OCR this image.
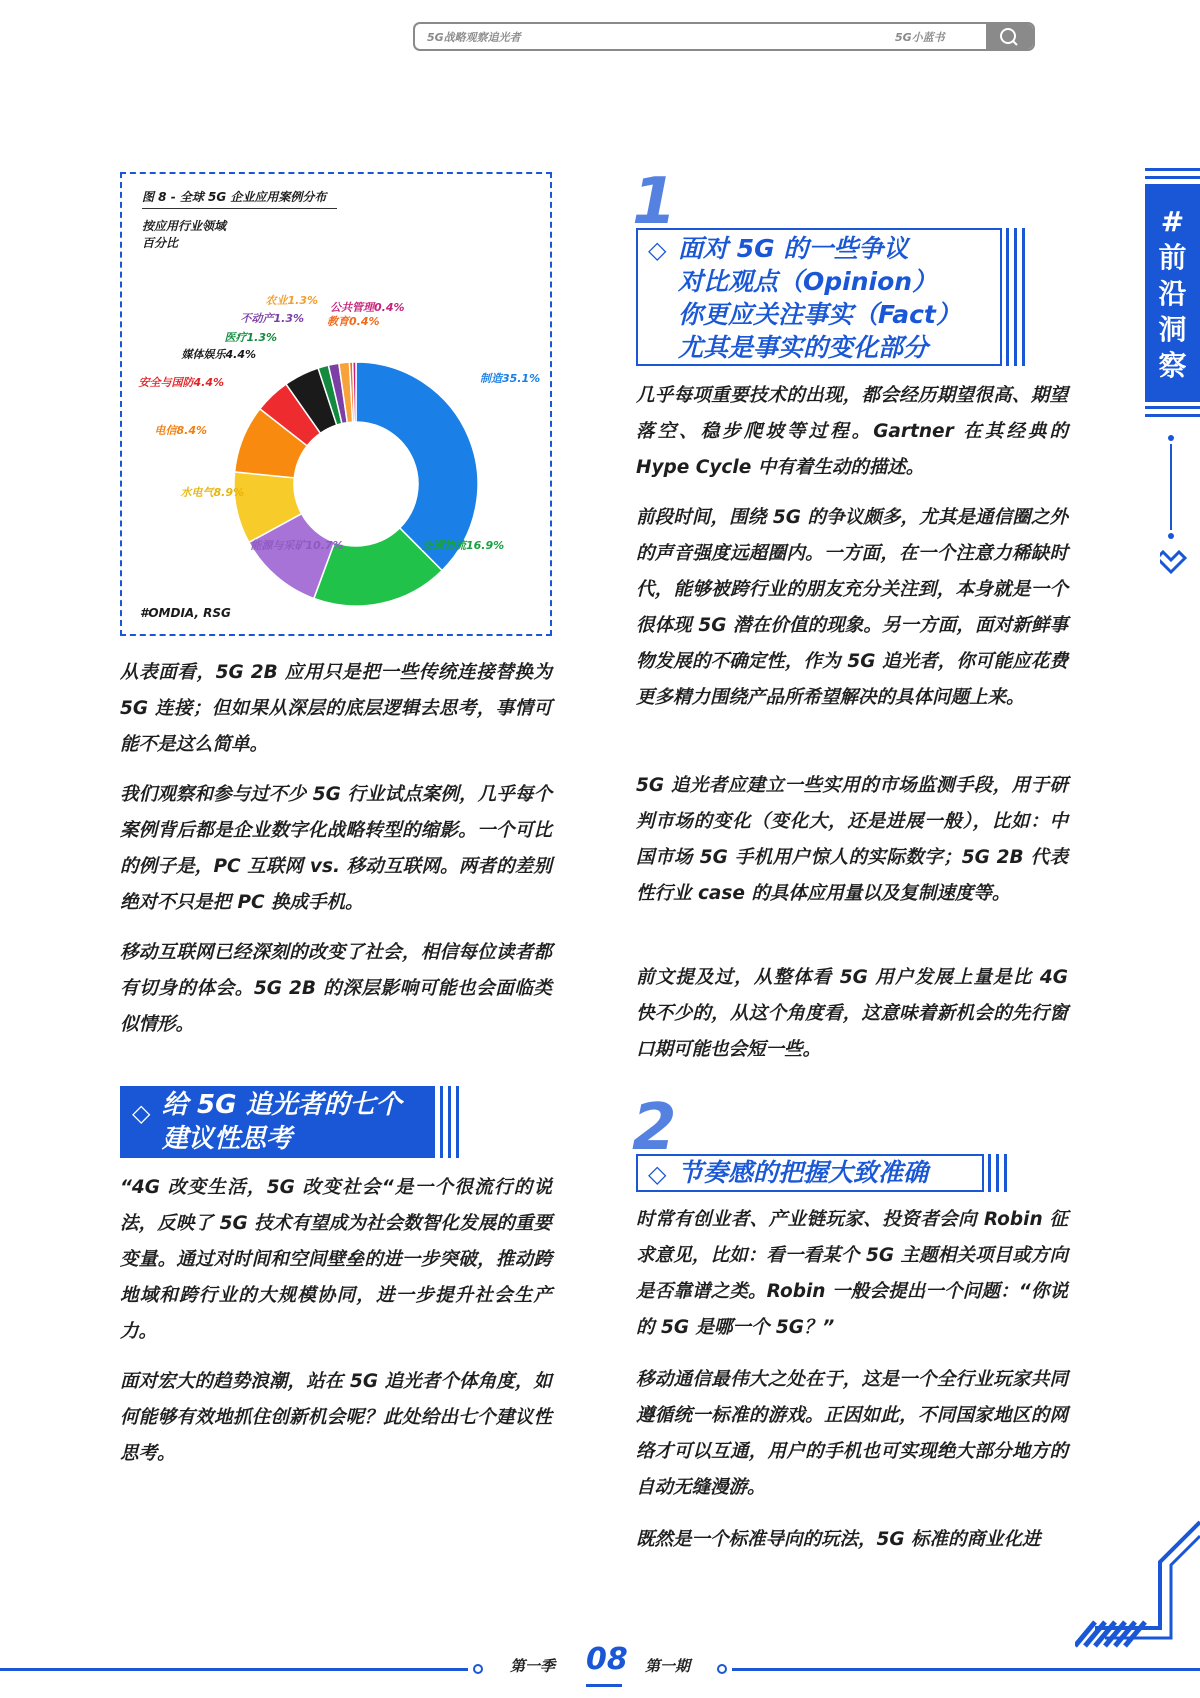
5G战略观察追光者	5G小蓝书
图 8 - 全球 5G 企业应用案例分布
按应用行业领域
百分比
制造35.1%
交通物流16.9%
能源与采矿10.7%
水电气8.9%
电信8.4%
安全与国防4.4%
媒体娱乐4.4%
医疗1.3%
不动产1.3%
农业1.3%
教育0.4%
公共管理0.4%
#OMDIA, RSG

从表面看，5G 2B 应用只是把一些传统连接替换为 5G 连接；但如果从深层的底层逻辑去思考，事情可能不是这么简单。

我们观察和参与过不少 5G 行业试点案例，几乎每个案例背后都是企业数字化战略转型的缩影。一个可比的例子是，PC 互联网 vs. 移动互联网。两者的差别绝对不只是把 PC 换成手机。

移动互联网已经深刻的改变了社会，相信每位读者都有切身的体会。5G 2B 的深层影响可能也会面临类似情形。

◇ 给 5G 追光者的七个
建议性思考

“4G 改变生活，5G 改变社会“是一个很流行的说法，反映了 5G 技术有望成为社会数智化发展的重要变量。通过对时间和空间壁垒的进一步突破，推动跨地域和跨行业的大规模协同，进一步提升社会生产力。

面对宏大的趋势浪潮，站在 5G 追光者个体角度，如何能够有效地抓住创新机会呢？此处给出七个建议性思考。

1
◇ 面对 5G 的一些争议
对比观点（Opinion）
你更应关注事实（Fact）
尤其是事实的变化部分

几乎每项重要技术的出现，都会经历期望很高、期望落空、稳步爬坡等过程。Gartner 在其经典的 Hype Cycle 中有着生动的描述。

前段时间，围绕 5G 的争议颇多，尤其是通信圈之外的声音强度远超圈内。一方面，在一个注意力稀缺时代，能够被跨行业的朋友充分关注到，本身就是一个很体现 5G 潜在价值的现象。另一方面，面对新鲜事物发展的不确定性，作为 5G 追光者，你可能应花费更多精力围绕产品所希望解决的具体问题上来。

5G 追光者应建立一些实用的市场监测手段，用于研判市场的变化（变化大，还是进展一般），比如：中国市场 5G 手机用户惊人的实际数字；5G 2B 代表性行业 case 的具体应用量以及复制速度等。

前文提及过，从整体看 5G 用户发展上量是比 4G 快不少的，从这个角度看，这意味着新机会的先行窗口期可能也会短一些。

2
◇ 节奏感的把握大致准确

时常有创业者、产业链玩家、投资者会向 Robin 征求意见，比如：看一看某个 5G 主题相关项目或方向是否靠谱之类。Robin 一般会提出一个问题：“你说的 5G 是哪一个 5G？”

移动通信最伟大之处在于，这是一个全行业玩家共同遵循统一标准的游戏。正因如此，不同国家地区的网络才可以互通，用户的手机也可实现绝大部分地方的自动无缝漫游。

既然是一个标准导向的玩法，5G 标准的商业化进

#
前
沿
洞
察
第一季 08 第一期
